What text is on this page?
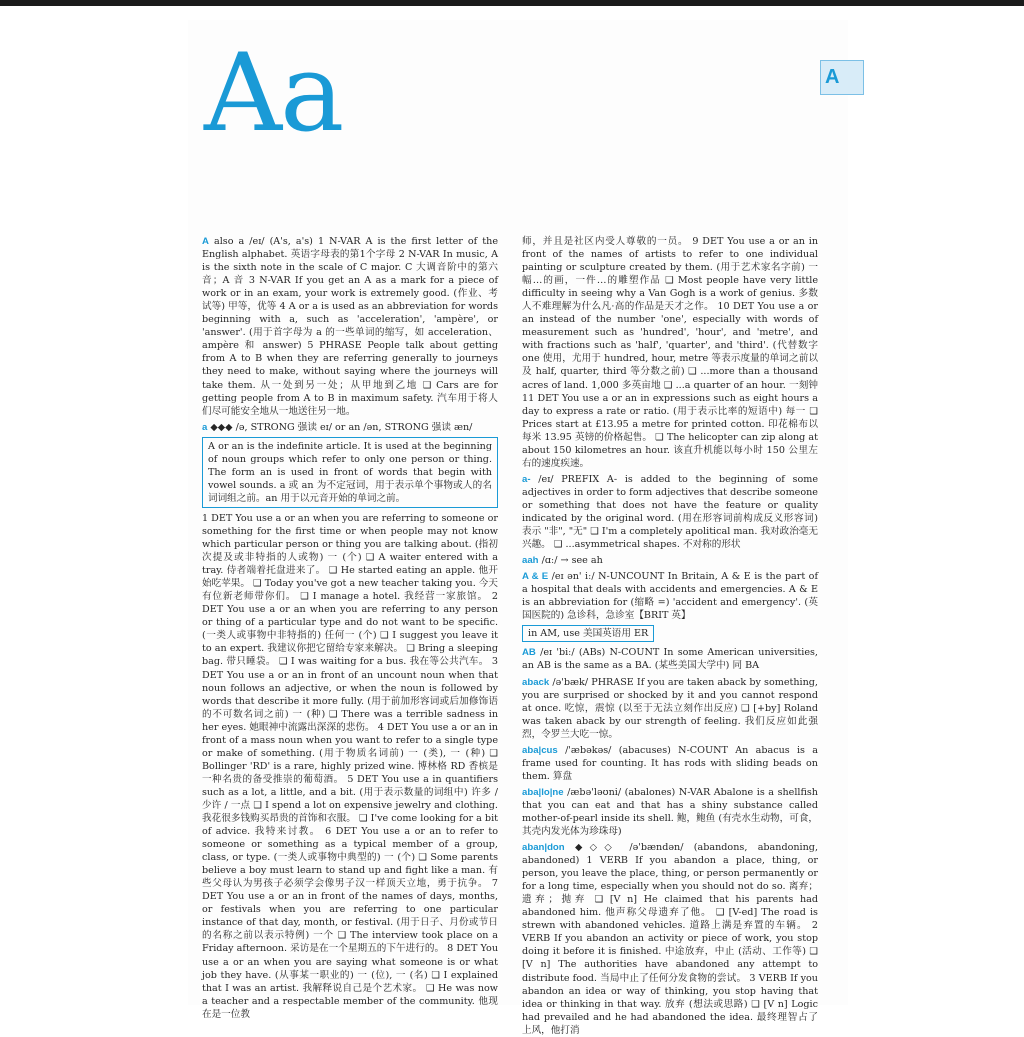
Aa	A

A also a /eɪ/ (A's, a's) 1 N-VAR A is the first letter of the English alphabet. 英语字母表的第1个字母 2 N-VAR In music, A is the sixth note in the scale of C major. C 大调音阶中的第六音；A 音 3 N-VAR If you get an A as a mark for a piece of work or in an exam, your work is extremely good. (作业、考试等) 甲等，优等 4 A or a is used as an abbreviation for words beginning with a, such as 'acceleration', 'ampère', or 'answer'. (用于首字母为 a 的一些单词的缩写，如 acceleration、ampère 和 answer) 5 PHRASE People talk about getting from A to B when they are referring generally to journeys they need to make, without saying where the journeys will take them. 从一处到另一处；从甲地到乙地 ❑ Cars are for getting people from A to B in maximum safety. 汽车用于将人们尽可能安全地从一地送往另一地。

a ◆◆◆ /ə, STRONG 强读 eɪ/ or an /ən, STRONG 强读 æn/

A or an is the indefinite article. It is used at the beginning of noun groups which refer to only one person or thing. The form an is used in front of words that begin with vowel sounds. a 或 an 为不定冠词，用于表示单个事物或人的名词词组之前。an 用于以元音开始的单词之前。

1 DET You use a or an when you are referring to someone or something for the first time or when people may not know which particular person or thing you are talking about. (指初次提及或非特指的人或物) 一 (个) ❑ A waiter entered with a tray. 侍者端着托盘进来了。 ❑ He started eating an apple. 他开始吃苹果。 ❑ Today you've got a new teacher taking you. 今天有位新老师带你们。 ❑ I manage a hotel. 我经营一家旅馆。 2 DET You use a or an when you are referring to any person or thing of a particular type and do not want to be specific. (一类人或事物中非特指的) 任何一 (个) ❑ I suggest you leave it to an expert. 我建议你把它留给专家来解决。 ❑ Bring a sleeping bag. 带只睡袋。 ❑ I was waiting for a bus. 我在等公共汽车。 3 DET You use a or an in front of an uncount noun when that noun follows an adjective, or when the noun is followed by words that describe it more fully. (用于前加形容词或后加修饰语的不可数名词之前) 一 (种) ❑ There was a terrible sadness in her eyes. 她眼神中流露出深深的悲伤。 4 DET You use a or an in front of a mass noun when you want to refer to a single type or make of something. (用于物质名词前) 一 (类), 一 (种) ❑ Bollinger 'RD' is a rare, highly prized wine. 博林格 RD 香槟是一种名贵的备受推崇的葡萄酒。 5 DET You use a in quantifiers such as a lot, a little, and a bit. (用于表示数量的词组中) 许多 / 少许 / 一点 ❑ I spend a lot on expensive jewelry and clothing. 我花很多钱购买昂贵的首饰和衣服。 ❑ I've come looking for a bit of advice. 我特来讨教。 6 DET You use a or an to refer to someone or something as a typical member of a group, class, or type. (一类人或事物中典型的) 一 (个) ❑ Some parents believe a boy must learn to stand up and fight like a man. 有些父母认为男孩子必须学会像男子汉一样顶天立地，勇于抗争。 7 DET You use a or an in front of the names of days, months, or festivals when you are referring to one particular instance of that day, month, or festival. (用于日子、月份或节日的名称之前以表示特例) 一个 ❑ The interview took place on a Friday afternoon. 采访是在一个星期五的下午进行的。 8 DET You use a or an when you are saying what someone is or what job they have. (从事某一职业的) 一 (位), 一 (名) ❑ I explained that I was an artist. 我解释说自己是个艺术家。 ❑ He was now a teacher and a respectable member of the community. 他现在是一位教

师，并且是社区内受人尊敬的一员。 9 DET You use a or an in front of the names of artists to refer to one individual painting or sculpture created by them. (用于艺术家名字前) 一幅…的画，一件…的雕塑作品 ❑ Most people have very little difficulty in seeing why a Van Gogh is a work of genius. 多数人不难理解为什么凡·高的作品是天才之作。 10 DET You use a or an instead of the number 'one', especially with words of measurement such as 'hundred', 'hour', and 'metre', and with fractions such as 'half', 'quarter', and 'third'. (代替数字 one 使用，尤用于 hundred, hour, metre 等表示度量的单词之前以及 half, quarter, third 等分数之前) ❑ ...more than a thousand acres of land. 1,000 多英亩地 ❑ ...a quarter of an hour. 一刻钟 11 DET You use a or an in expressions such as eight hours a day to express a rate or ratio. (用于表示比率的短语中) 每一 ❑ Prices start at £13.95 a metre for printed cotton. 印花棉布以每米 13.95 英镑的价格起售。 ❑ The helicopter can zip along at about 150 kilometres an hour. 该直升机能以每小时 150 公里左右的速度疾速。

a- /eɪ/ PREFIX A- is added to the beginning of some adjectives in order to form adjectives that describe someone or something that does not have the feature or quality indicated by the original word. (用在形容词前构成反义形容词) 表示 "非", "无" ❑ I'm a completely apolitical man. 我对政治毫无兴趣。 ❑ ...asymmetrical shapes. 不对称的形状

aah /ɑː/ → see ah

A & E /eɪ ən' iː/ N-UNCOUNT In Britain, A & E is the part of a hospital that deals with accidents and emergencies. A & E is an abbreviation for (缩略 =) 'accident and emergency'. (英国医院的) 急诊科，急诊室【BRIT 英】

in AM, use 美国英语用 ER

AB /eɪ 'biː/ (ABs) N-COUNT In some American universities, an AB is the same as a BA. (某些美国大学中) 同 BA

aback /ə'bæk/ PHRASE If you are taken aback by something, you are surprised or shocked by it and you cannot respond at once. 吃惊，震惊 (以至于无法立刻作出反应) ❑ [+by] Roland was taken aback by our strength of feeling. 我们反应如此强烈，令罗兰大吃一惊。

aba|cus /'æbəkəs/ (abacuses) N-COUNT An abacus is a frame used for counting. It has rods with sliding beads on them. 算盘

aba|lo|ne /æbə'ləʊni/ (abalones) N-VAR Abalone is a shellfish that you can eat and that has a shiny substance called mother-of-pearl inside its shell. 鲍，鲍鱼 (有壳水生动物，可食，其壳内发光体为珍珠母)

aban|don ◆◇◇ /ə'bændən/ (abandons, abandoning, abandoned) 1 VERB If you abandon a place, thing, or person, you leave the place, thing, or person permanently or for a long time, especially when you should not do so. 离弃；遗弃；抛弃 ❑ [V n] He claimed that his parents had abandoned him. 他声称父母遗弃了他。 ❑ [V-ed] The road is strewn with abandoned vehicles. 道路上满是弃置的车辆。 2 VERB If you abandon an activity or piece of work, you stop doing it before it is finished. 中途放弃，中止 (活动、工作等) ❑ [V n] The authorities have abandoned any attempt to distribute food. 当局中止了任何分发食物的尝试。 3 VERB If you abandon an idea or way of thinking, you stop having that idea or thinking in that way. 放弃 (想法或思路) ❑ [V n] Logic had prevailed and he had abandoned the idea. 最终理智占了上风，他打消
